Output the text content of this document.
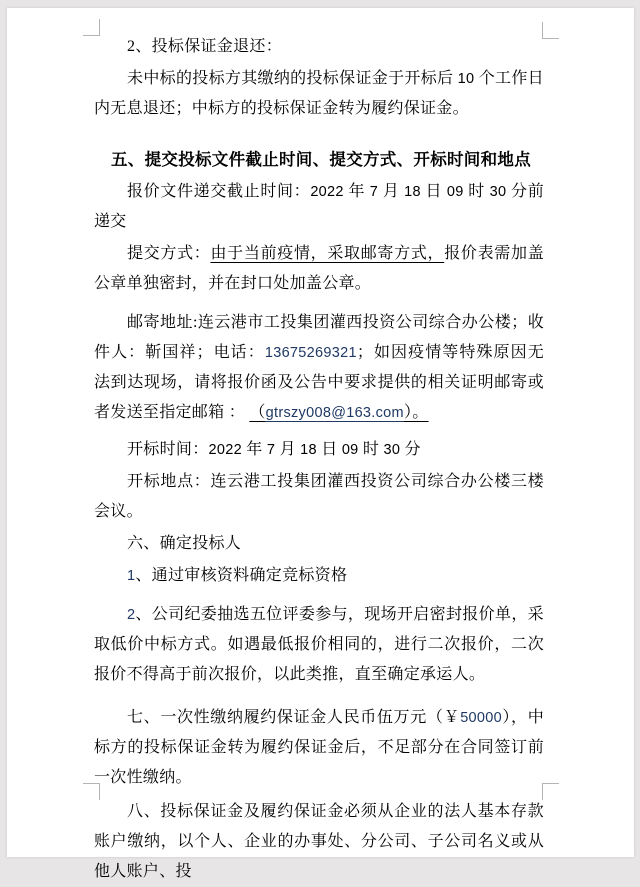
2、投标保证金退还：

未中标的投标方其缴纳的投标保证金于开标后 10 个工作日内无息退还；中标方的投标保证金转为履约保证金。

五、提交投标文件截止时间、提交方式、开标时间和地点

报价文件递交截止时间：2022 年 7 月 18 日 09 时 30 分前递交

提交方式：由于当前疫情，采取邮寄方式，报价表需加盖公章单独密封，并在封口处加盖公章。

邮寄地址:连云港市工投集团灌西投资公司综合办公楼；收件人：靳国祥；电话：13675269321；如因疫情等特殊原因无法到达现场，请将报价函及公告中要求提供的相关证明邮寄或者发送至指定邮箱 ： （gtrszy008@163.com）。

开标时间：2022 年 7 月 18 日 09 时 30 分

开标地点：连云港工投集团灌西投资公司综合办公楼三楼会议。

六、确定投标人

1、通过审核资料确定竞标资格

2、公司纪委抽选五位评委参与，现场开启密封报价单，采取低价中标方式。如遇最低报价相同的，进行二次报价，二次报价不得高于前次报价，以此类推，直至确定承运人。

七、一次性缴纳履约保证金人民币伍万元（￥50000），中标方的投标保证金转为履约保证金后，不足部分在合同签订前一次性缴纳。

八、投标保证金及履约保证金必须从企业的法人基本存款账户缴纳，以个人、企业的办事处、分公司、子公司名义或从他人账户、投
